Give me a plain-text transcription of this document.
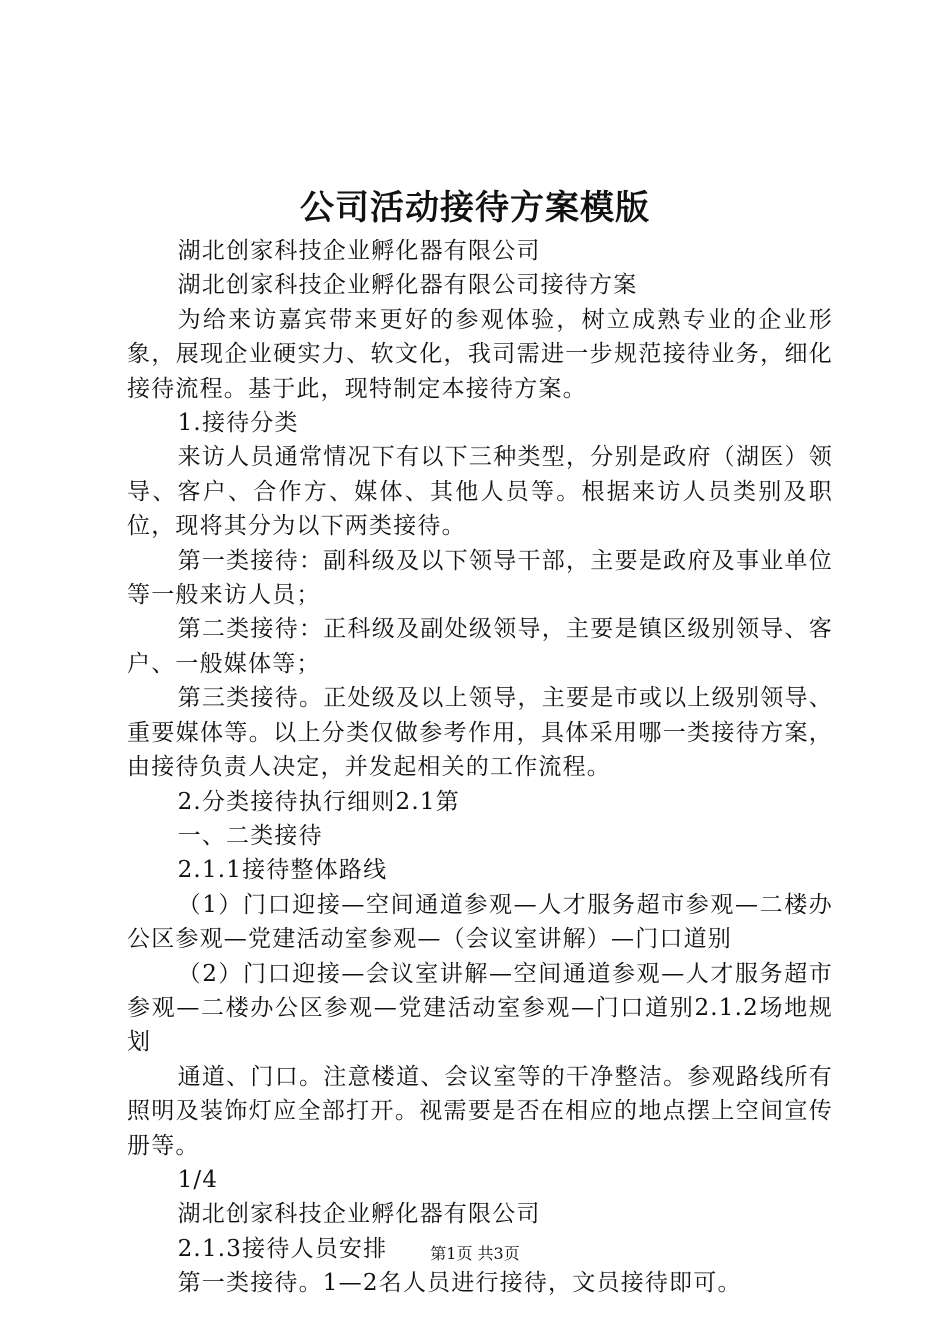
公司活动接待方案模版

湖北创家科技企业孵化器有限公司

湖北创家科技企业孵化器有限公司接待方案

为给来访嘉宾带来更好的参观体验，树立成熟专业的企业形象，展现企业硬实力、软文化，我司需进一步规范接待业务，细化接待流程。基于此，现特制定本接待方案。

1.接待分类

来访人员通常情况下有以下三种类型，分别是政府（湖医）领导、客户、合作方、媒体、其他人员等。根据来访人员类别及职位，现将其分为以下两类接待。

第一类接待：副科级及以下领导干部，主要是政府及事业单位等一般来访人员；

第二类接待：正科级及副处级领导，主要是镇区级别领导、客户、一般媒体等；

第三类接待。正处级及以上领导，主要是市或以上级别领导、重要媒体等。以上分类仅做参考作用，具体采用哪一类接待方案，由接待负责人决定，并发起相关的工作流程。

2.分类接待执行细则2.1第

一、二类接待

2.1.1接待整体路线

（1）门口迎接—空间通道参观—人才服务超市参观—二楼办公区参观—党建活动室参观—（会议室讲解）—门口道别

（2）门口迎接—会议室讲解—空间通道参观—人才服务超市参观—二楼办公区参观—党建活动室参观—门口道别2.1.2场地规划

通道、门口。注意楼道、会议室等的干净整洁。参观路线所有照明及装饰灯应全部打开。视需要是否在相应的地点摆上空间宣传册等。

1/4

湖北创家科技企业孵化器有限公司

2.1.3接待人员安排

第一类接待。1—2名人员进行接待，文员接待即可。

第1页 共3页
